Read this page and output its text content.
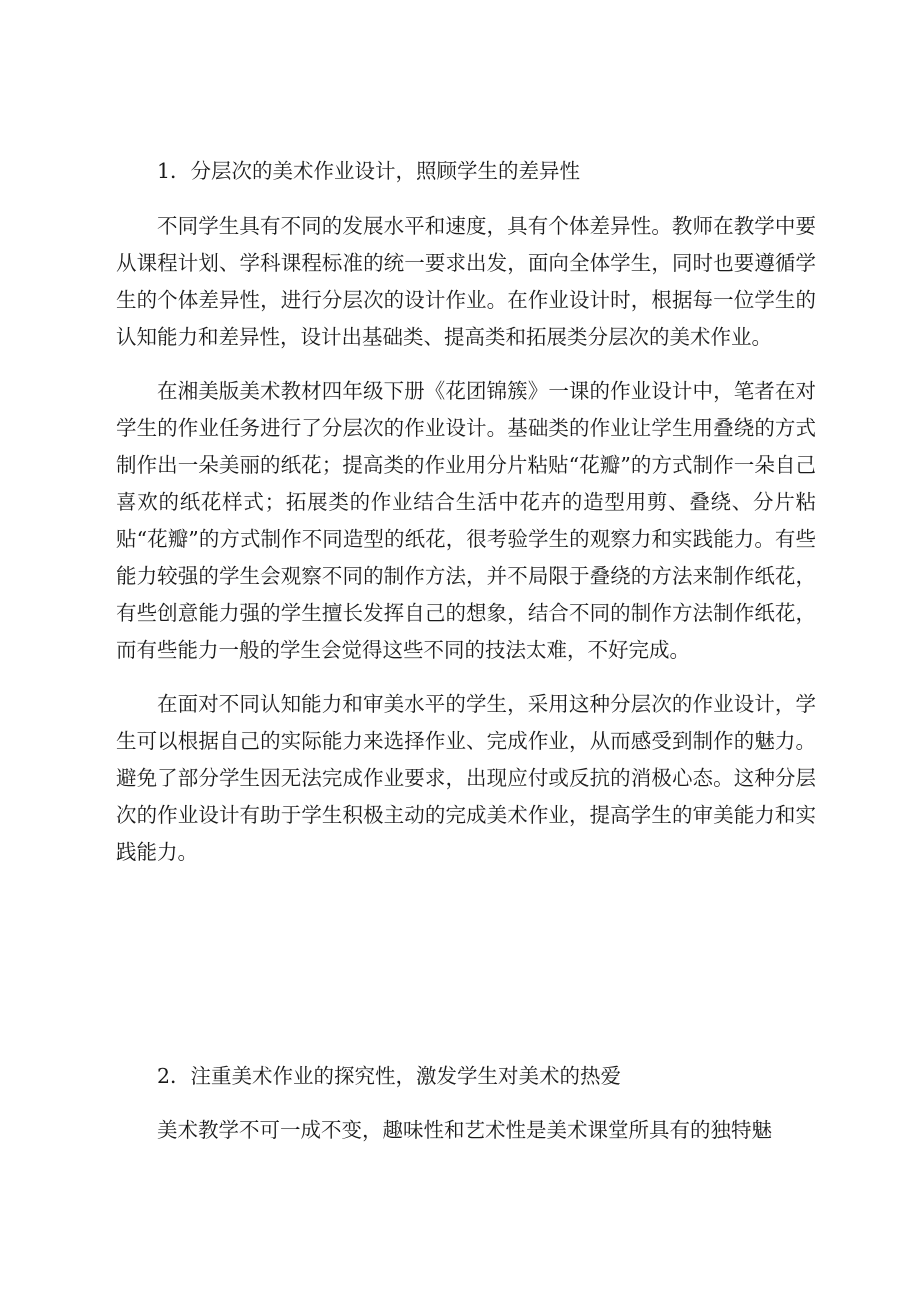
1．分层次的美术作业设计，照顾学生的差异性

不同学生具有不同的发展水平和速度，具有个体差异性。教师在教学中要从课程计划、学科课程标准的统一要求出发，面向全体学生，同时也要遵循学生的个体差异性，进行分层次的设计作业。在作业设计时，根据每一位学生的认知能力和差异性，设计出基础类、提高类和拓展类分层次的美术作业。

在湘美版美术教材四年级下册《花团锦簇》一课的作业设计中，笔者在对学生的作业任务进行了分层次的作业设计。基础类的作业让学生用叠绕的方式制作出一朵美丽的纸花；提高类的作业用分片粘贴“花瓣”的方式制作一朵自己喜欢的纸花样式；拓展类的作业结合生活中花卉的造型用剪、叠绕、分片粘贴“花瓣”的方式制作不同造型的纸花，很考验学生的观察力和实践能力。有些能力较强的学生会观察不同的制作方法，并不局限于叠绕的方法来制作纸花，有些创意能力强的学生擅长发挥自己的想象，结合不同的制作方法制作纸花，而有些能力一般的学生会觉得这些不同的技法太难，不好完成。

在面对不同认知能力和审美水平的学生，采用这种分层次的作业设计，学生可以根据自己的实际能力来选择作业、完成作业，从而感受到制作的魅力。避免了部分学生因无法完成作业要求，出现应付或反抗的消极心态。这种分层次的作业设计有助于学生积极主动的完成美术作业，提高学生的审美能力和实践能力。

2．注重美术作业的探究性，激发学生对美术的热爱

美术教学不可一成不变，趣味性和艺术性是美术课堂所具有的独特魅
